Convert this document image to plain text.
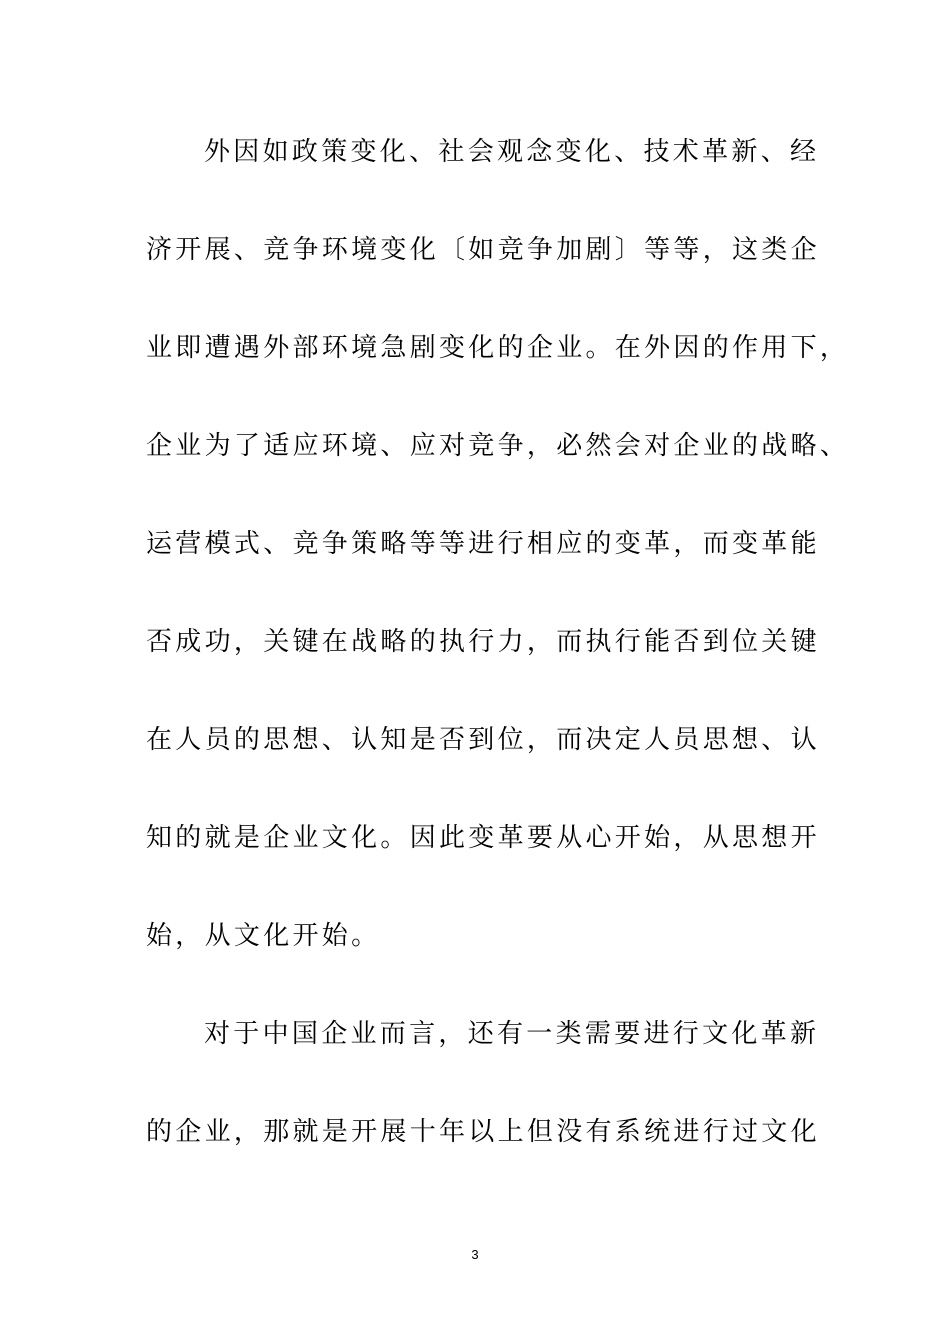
外因如政策变化、社会观念变化、技术革新、经
济开展、竞争环境变化〔如竞争加剧〕等等，这类企
业即遭遇外部环境急剧变化的企业。在外因的作用下，
企业为了适应环境、应对竞争，必然会对企业的战略、
运营模式、竞争策略等等进行相应的变革，而变革能
否成功，关键在战略的执行力，而执行能否到位关键
在人员的思想、认知是否到位，而决定人员思想、认
知的就是企业文化。因此变革要从心开始，从思想开
始，从文化开始。
对于中国企业而言，还有一类需要进行文化革新
的企业，那就是开展十年以上但没有系统进行过文化
3
